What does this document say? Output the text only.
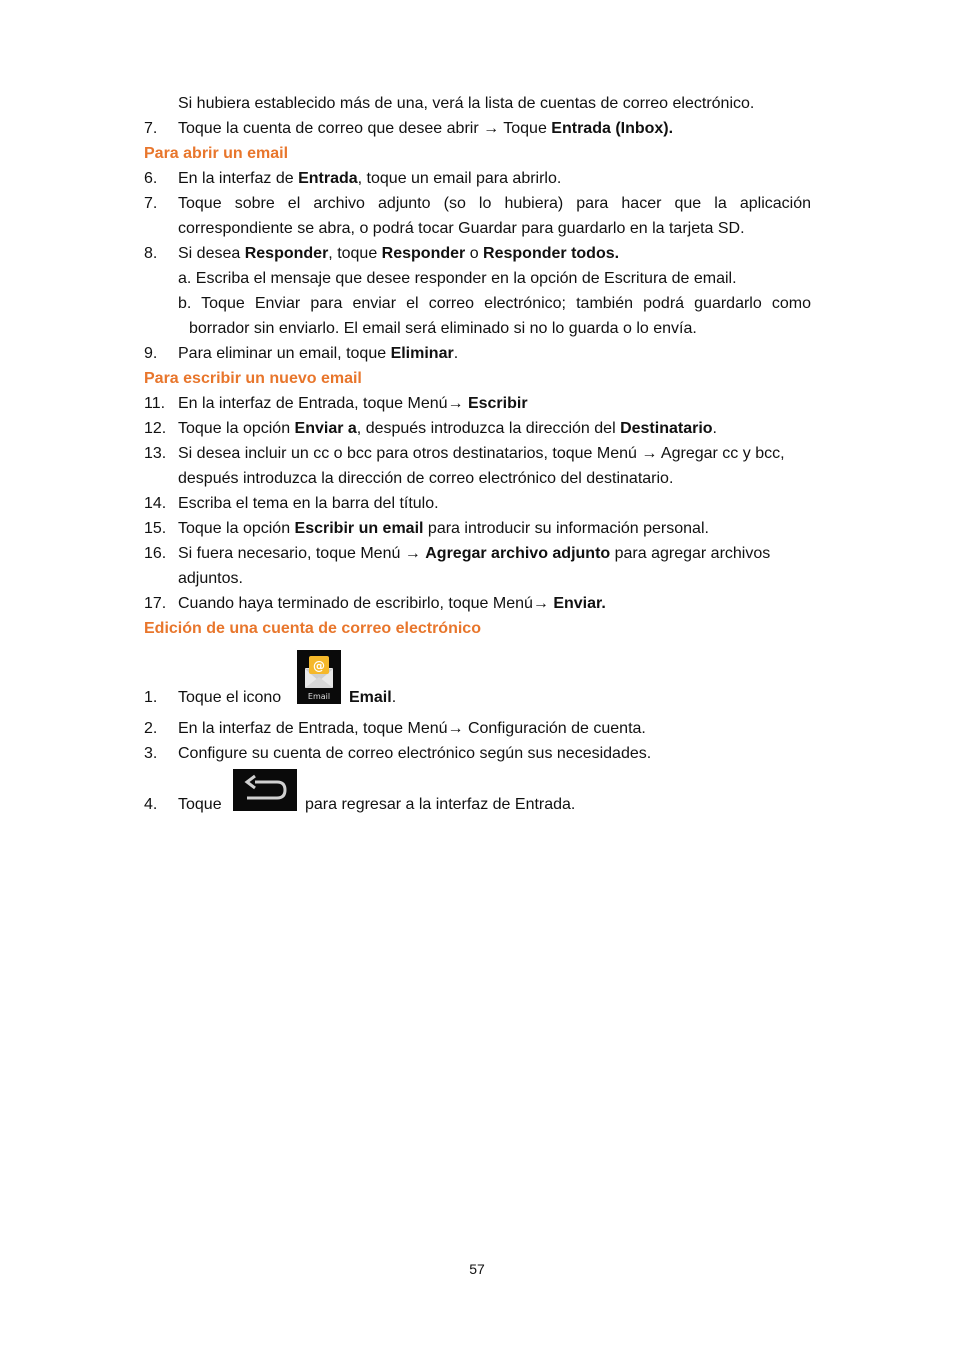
Si hubiera establecido más de una, verá la lista de cuentas de correo electrónico.
7. Toque la cuenta de correo que desee abrir → Toque Entrada (Inbox).
Para abrir un email
6. En la interfaz de Entrada, toque un email para abrirlo.
7. Toque sobre el archivo adjunto (so lo hubiera) para hacer que la aplicación
correspondiente se abra, o podrá tocar Guardar para guardarlo en la tarjeta SD.
8. Si desea Responder, toque Responder o Responder todos.
a. Escriba el mensaje que desee responder en la opción de Escritura de email.
b. Toque Enviar para enviar el correo electrónico; también podrá guardarlo como
borrador sin enviarlo. El email será eliminado si no lo guarda o lo envía.
9. Para eliminar un email, toque Eliminar.
Para escribir un nuevo email
11. En la interfaz de Entrada, toque Menú→ Escribir
12. Toque la opción Enviar a, después introduzca la dirección del Destinatario.
13. Si desea incluir un cc o bcc para otros destinatarios, toque Menú → Agregar cc y bcc,
después introduzca la dirección de correo electrónico del destinatario.
14. Escriba el tema en la barra del título.
15. Toque la opción Escribir un email para introducir su información personal.
16. Si fuera necesario, toque Menú → Agregar archivo adjunto para agregar archivos
adjuntos.
17. Cuando haya terminado de escribirlo, toque Menú→ Enviar.
Edición de una cuenta de correo electrónico
1. Toque el icono
@
Email	Email.
2. En la interfaz de Entrada, toque Menú→ Configuración de cuenta.
3. Configure su cuenta de correo electrónico según sus necesidades.
4. Toque	para regresar a la interfaz de Entrada.
57
